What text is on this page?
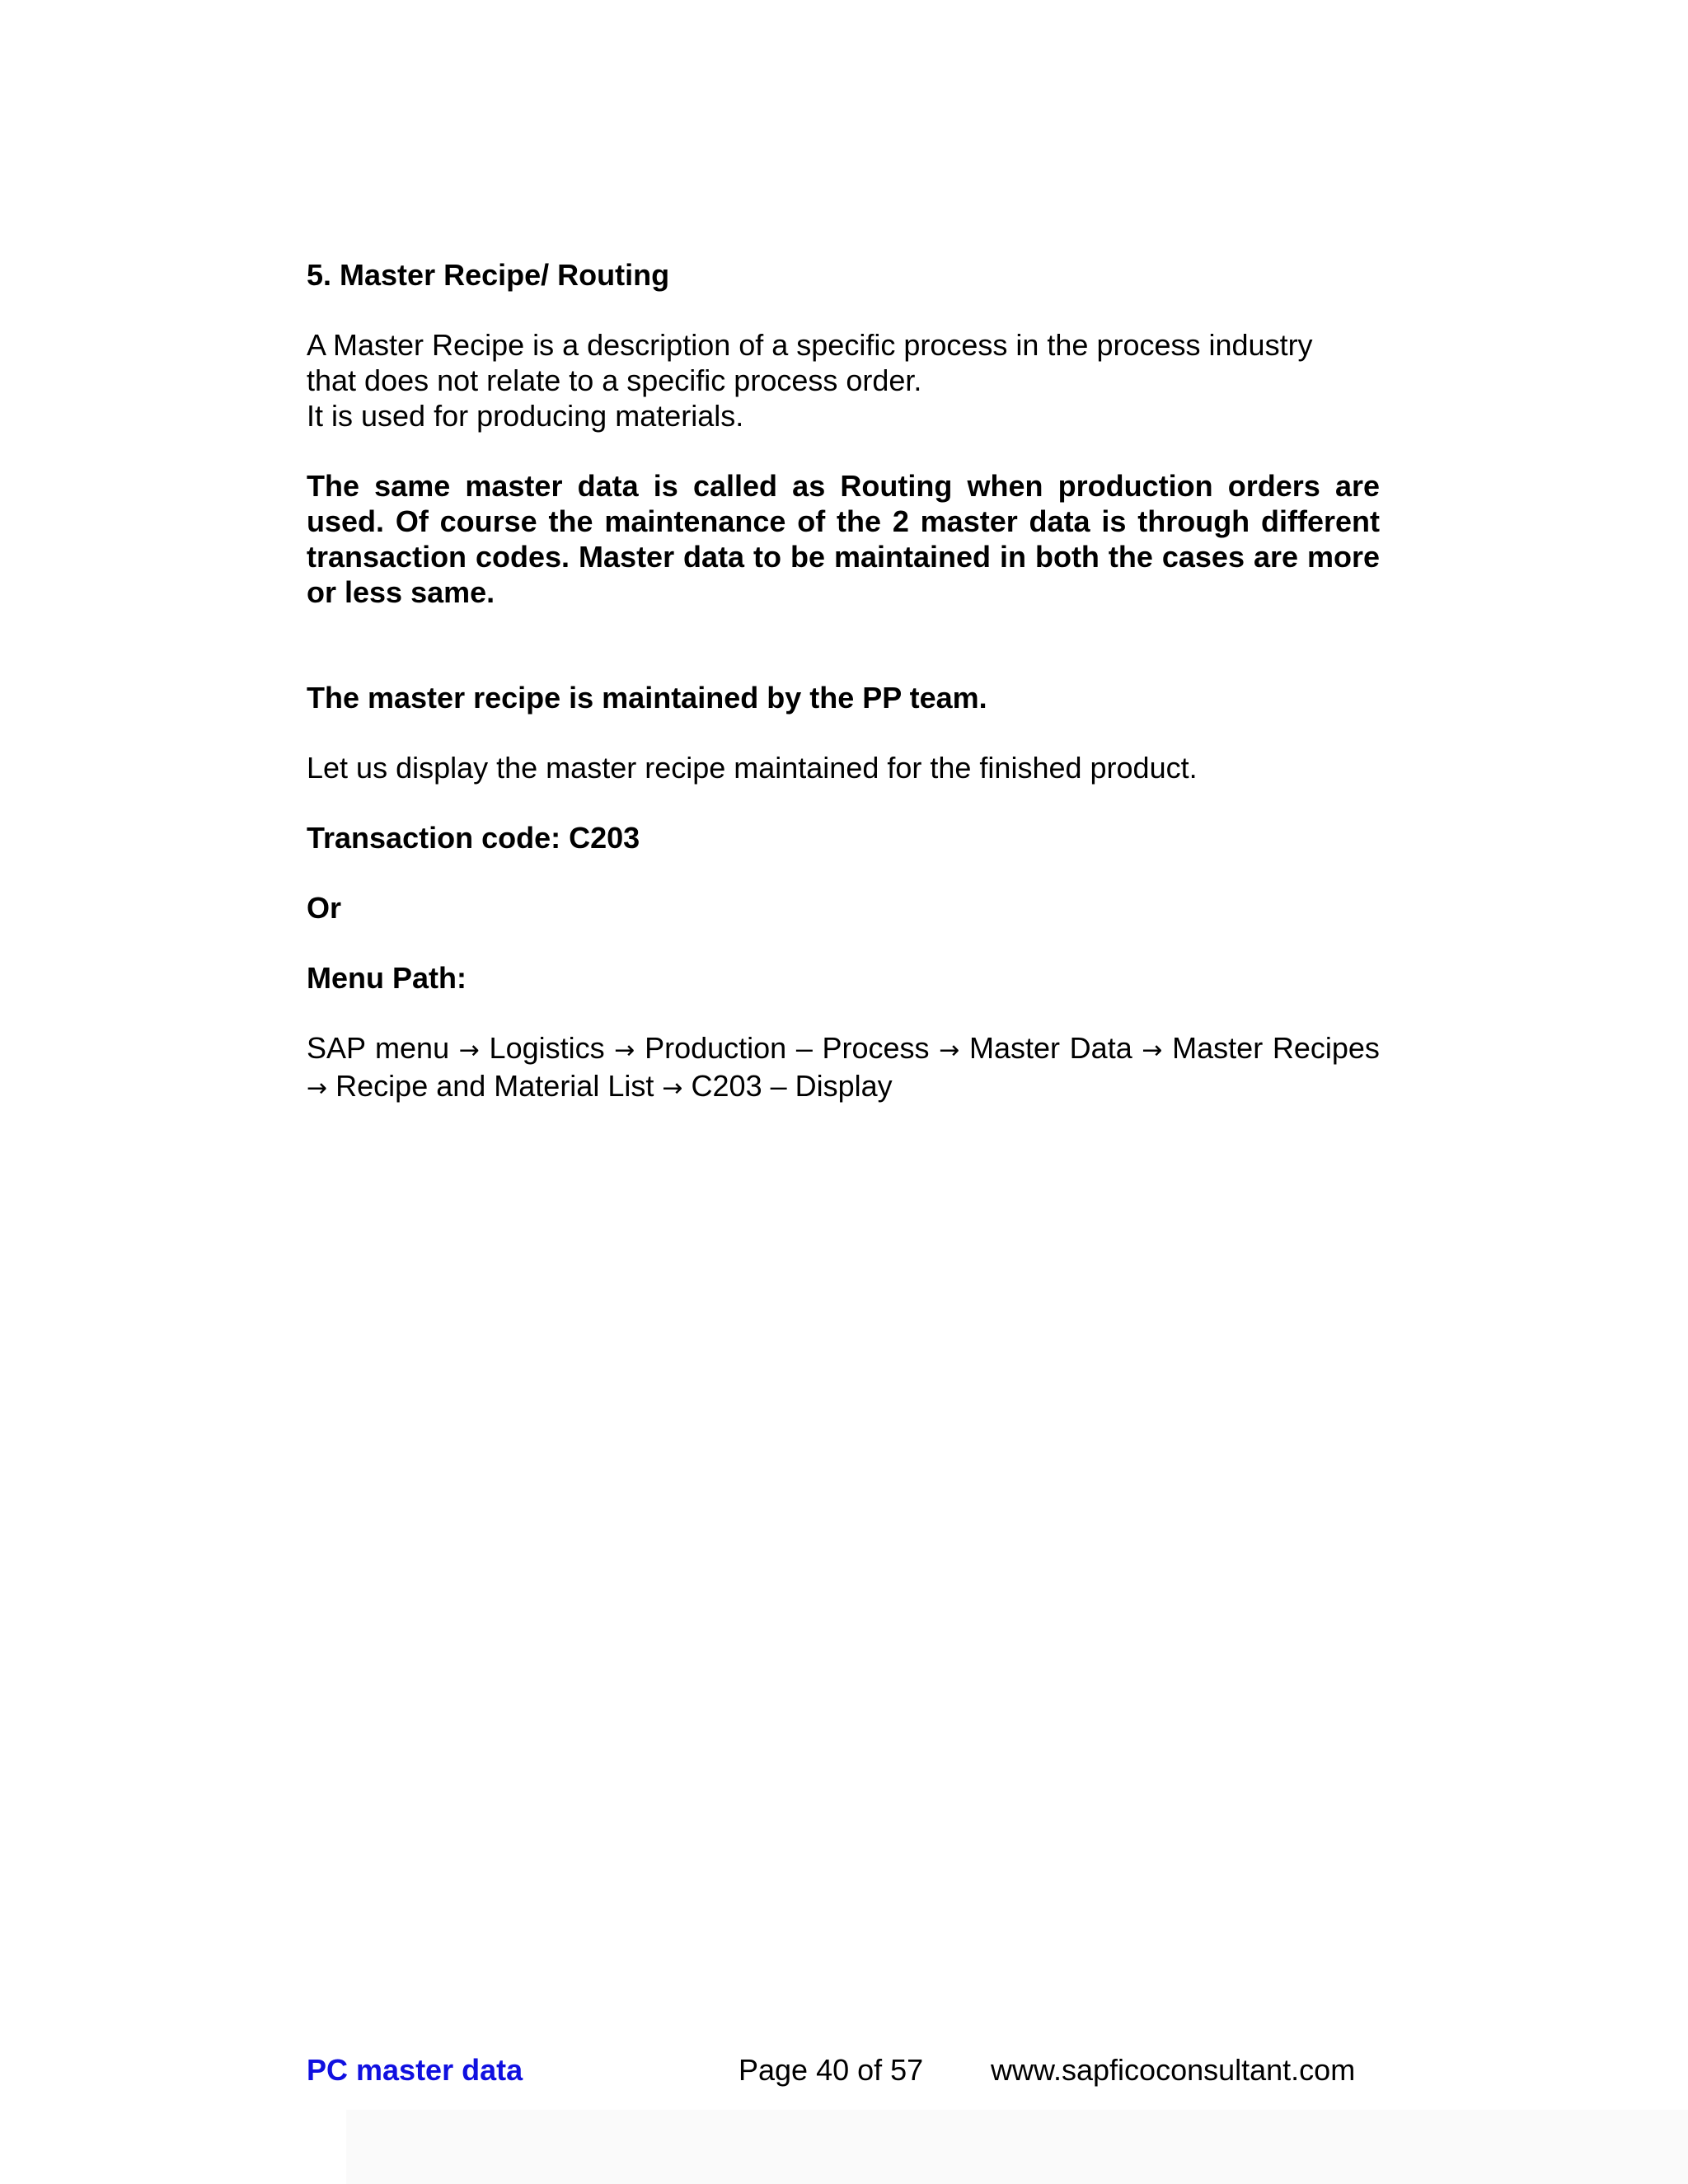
5. Master Recipe/ Routing

A Master Recipe is a description of a specific process in the process industry

that does not relate to a specific process order.

It is used for producing materials.

The same master data is called as Routing when production orders are used. Of course the maintenance of the 2 master data is through different transaction codes. Master data to be maintained in both the cases are more or less same.
The master recipe is maintained by the PP team.
Let us display the master recipe maintained for the finished product.
Transaction code: C203
Or
Menu Path:
SAP menu → Logistics → Production – Process → Master Data → Master Recipes → Recipe and Material List → C203 – Display
PC master data	Page 40 of 57 www.sapficoconsultant.com
